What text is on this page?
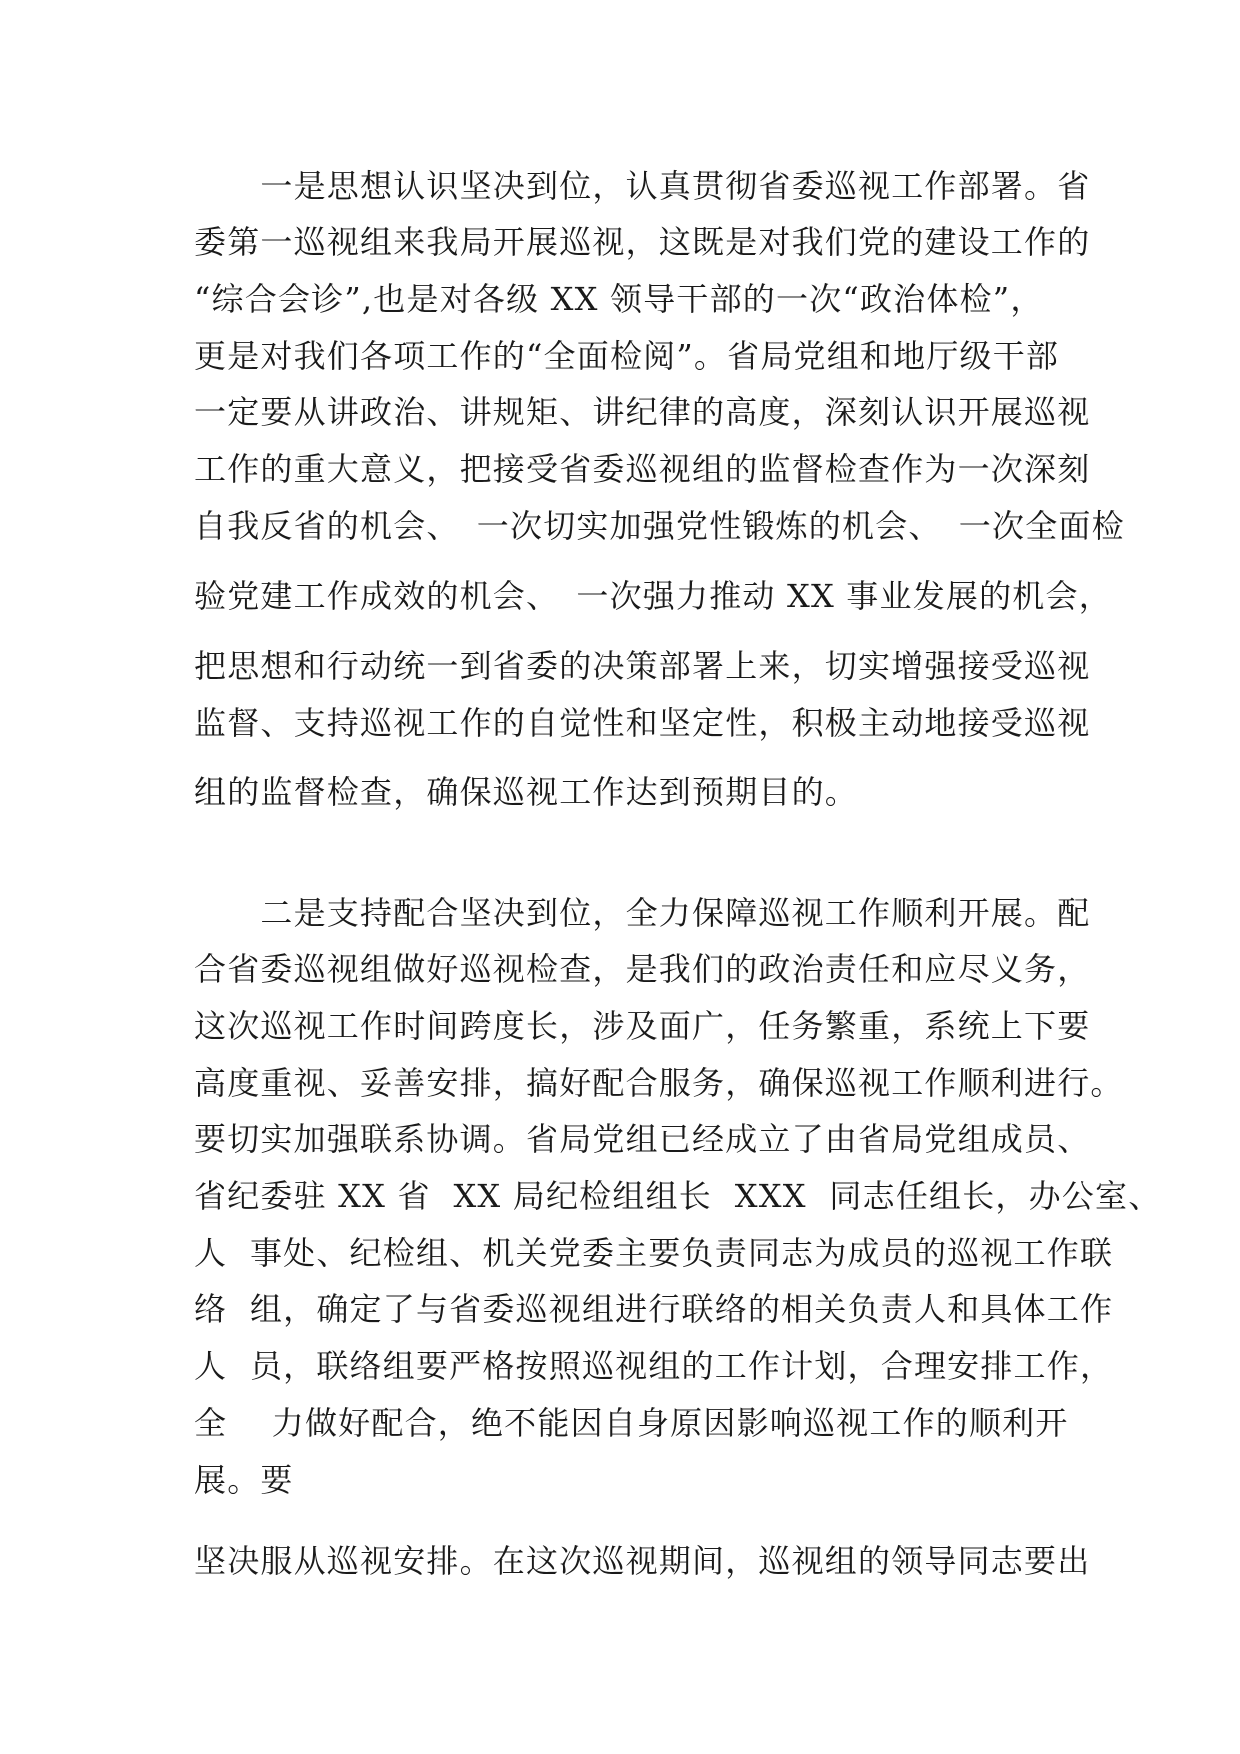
　　一是思想认识坚决到位，认真贯彻省委巡视工作部署。省
委第一巡视组来我局开展巡视，这既是对我们党的建设工作的
“综合会诊”,也是对各级 XX 领导干部的一次“政治体检”，
更是对我们各项工作的“全面检阅”。省局党组和地厅级干部
一定要从讲政治、讲规矩、讲纪律的高度，深刻认识开展巡视
工作的重大意义，把接受省委巡视组的监督检查作为一次深刻
自我反省的机会、　一次切实加强党性锻炼的机会、　一次全面检
验党建工作成效的机会、　一次强力推动 XX 事业发展的机会，
把思想和行动统一到省委的决策部署上来，切实增强接受巡视
监督、支持巡视工作的自觉性和坚定性，积极主动地接受巡视
组的监督检查，确保巡视工作达到预期目的。
　　二是支持配合坚决到位，全力保障巡视工作顺利开展。配
合省委巡视组做好巡视检查，是我们的政治责任和应尽义务，
这次巡视工作时间跨度长，涉及面广，任务繁重，系统上下要
高度重视、妥善安排，搞好配合服务，确保巡视工作顺利进行。
要切实加强联系协调。省局党组已经成立了由省局党组成员、
省纪委驻 XX 省  XX 局纪检组组长  XXX  同志任组长，办公室、
人  事处、纪检组、机关党委主要负责同志为成员的巡视工作联
络  组，确定了与省委巡视组进行联络的相关负责人和具体工作
人  员，联络组要严格按照巡视组的工作计划，合理安排工作，
全　 力做好配合，绝不能因自身原因影响巡视工作的顺利开
展。要
坚决服从巡视安排。在这次巡视期间，巡视组的领导同志要出
